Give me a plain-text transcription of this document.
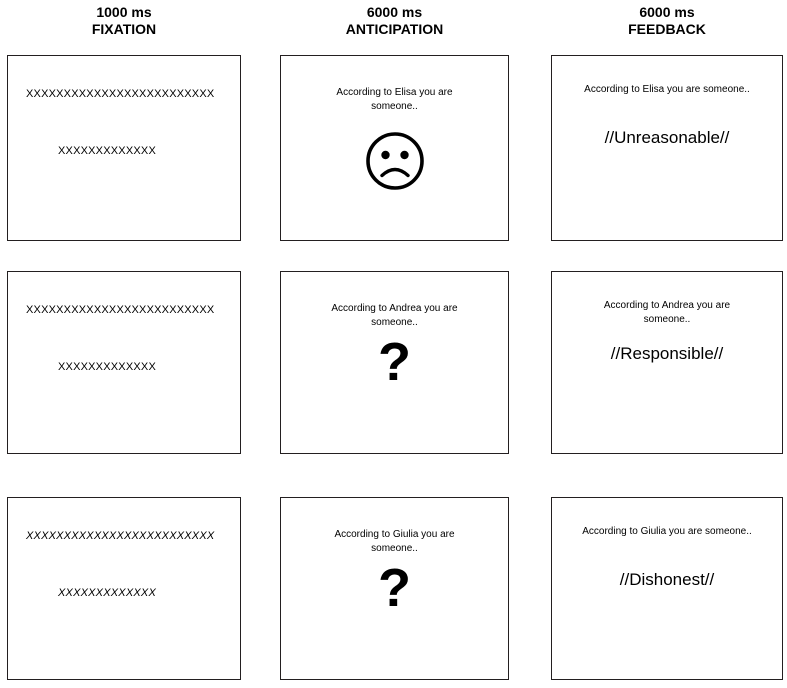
1000 ms
FIXATION
6000 ms
ANTICIPATION
6000 ms
FEEDBACK
XXXXXXXXXXXXXXXXXXXXXXXXX
XXXXXXXXXXXXX
According to Elisa you are someone..
According to Elisa you are someone..
//Unreasonable//
XXXXXXXXXXXXXXXXXXXXXXXXX
XXXXXXXXXXXXX
According to Andrea you are someone..
?
According to Andrea you are someone..
//Responsible//
XXXXXXXXXXXXXXXXXXXXXXXXX
XXXXXXXXXXXXX
According to Giulia you are someone..
?
According to Giulia you are someone..
//Dishonest//
